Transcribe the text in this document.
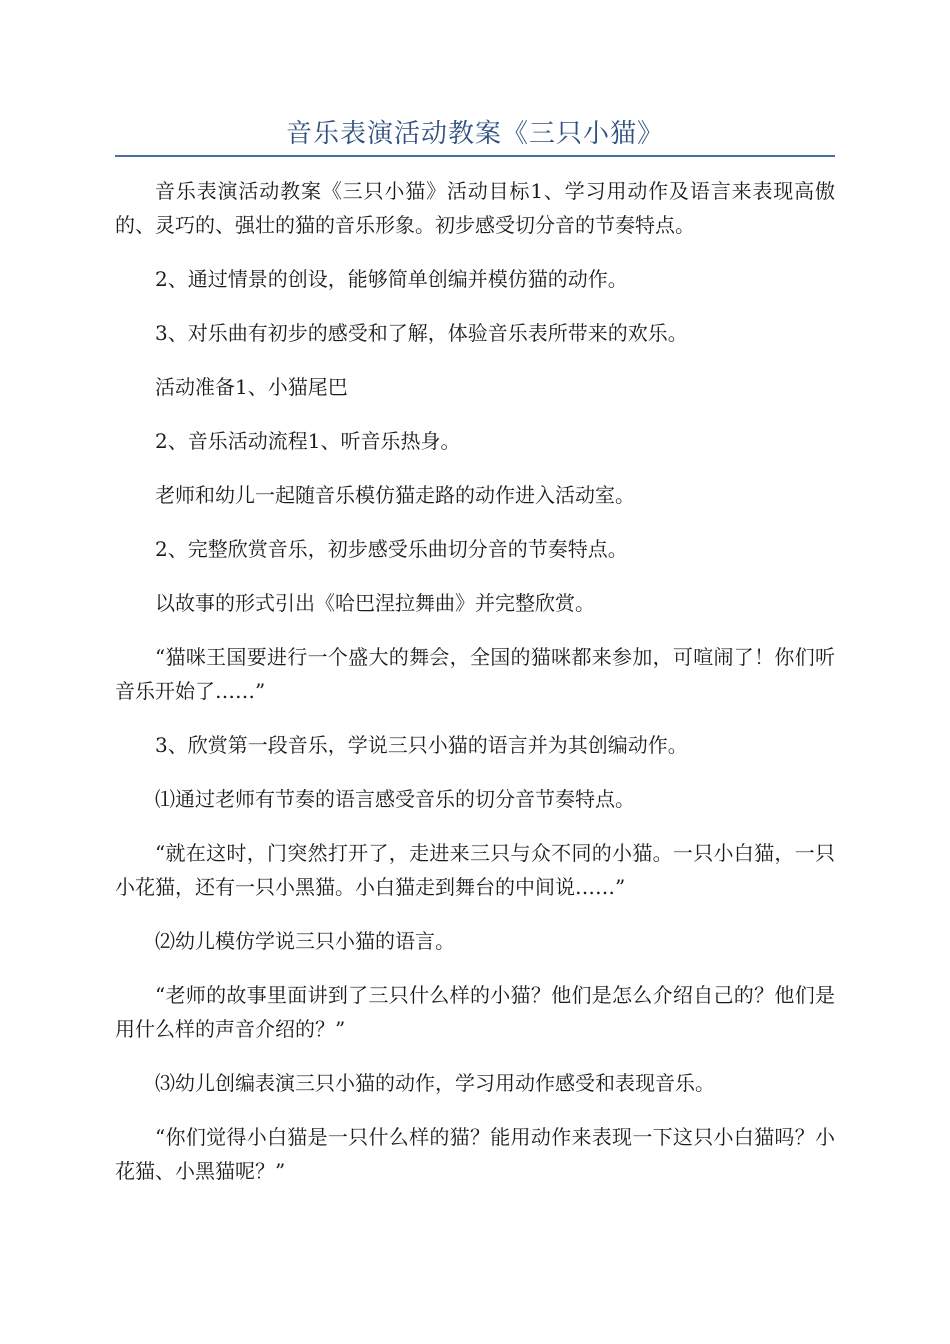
音乐表演活动教案《三只小猫》

音乐表演活动教案《三只小猫》活动目标1、学习用动作及语言来表现高傲的、灵巧的、强壮的猫的音乐形象。初步感受切分音的节奏特点。

2、通过情景的创设，能够简单创编并模仿猫的动作。

3、对乐曲有初步的感受和了解，体验音乐表所带来的欢乐。

活动准备1、小猫尾巴

2、音乐活动流程1、听音乐热身。

老师和幼儿一起随音乐模仿猫走路的动作进入活动室。

2、完整欣赏音乐，初步感受乐曲切分音的节奏特点。

以故事的形式引出《哈巴涅拉舞曲》并完整欣赏。

“猫咪王国要进行一个盛大的舞会，全国的猫咪都来参加，可喧闹了！你们听音乐开始了……”

3、欣赏第一段音乐，学说三只小猫的语言并为其创编动作。

⑴通过老师有节奏的语言感受音乐的切分音节奏特点。

“就在这时，门突然打开了，走进来三只与众不同的小猫。一只小白猫，一只小花猫，还有一只小黑猫。小白猫走到舞台的中间说……”

⑵幼儿模仿学说三只小猫的语言。

“老师的故事里面讲到了三只什么样的小猫？他们是怎么介绍自己的？他们是用什么样的声音介绍的？”

⑶幼儿创编表演三只小猫的动作，学习用动作感受和表现音乐。

“你们觉得小白猫是一只什么样的猫？能用动作来表现一下这只小白猫吗？小花猫、小黑猫呢？”
